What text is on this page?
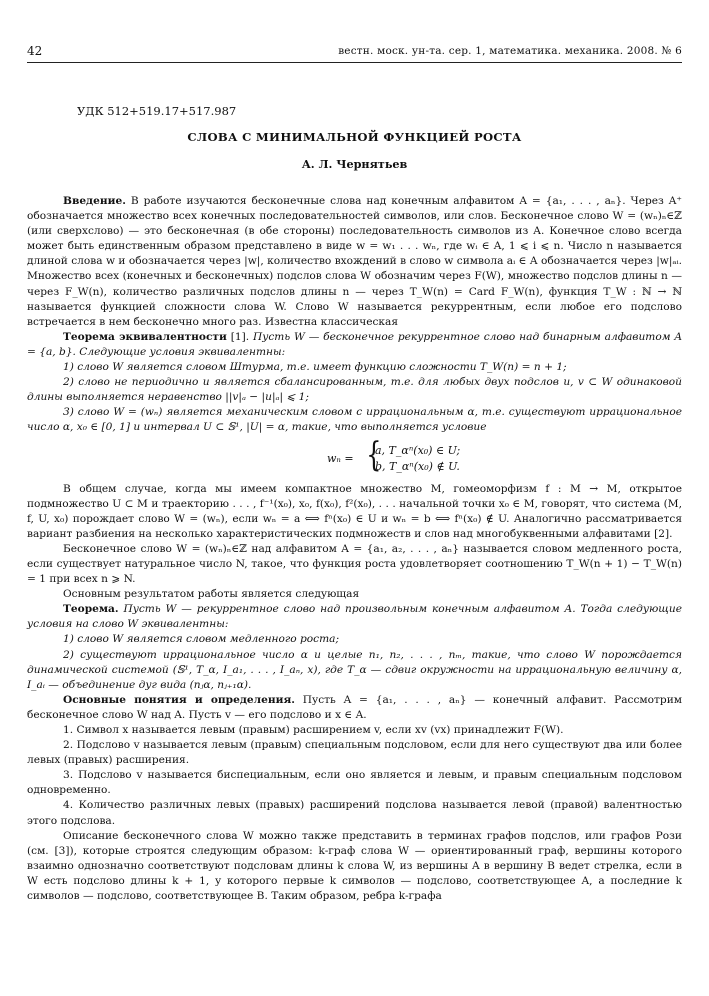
42	вестн. моск. ун-та. сер. 1, математика. механика. 2008. № 6
УДК 512+519.17+517.987
СЛОВА С МИНИМАЛЬНОЙ ФУНКЦИЕЙ РОСТА
А. Л. Чернятьев

Введение. В работе изучаются бесконечные слова над конечным алфавитом A = {a₁, . . . , aₙ}. Через A⁺ обозначается множество всех конечных последовательностей символов, или слов. Бесконечное слово W = (wₙ)ₙ∈ℤ (или сверхслово) — это бесконечная (в обе стороны) последовательность символов из A. Конечное слово всегда может быть единственным образом представлено в виде w = w₁ . . . wₙ, где wᵢ ∈ A, 1 ⩽ i ⩽ n. Число n называется длиной слова w и обозначается через |w|, количество вхождений в слово w символа aᵢ ∈ A обозначается через |w|ₐᵢ. Множество всех (конечных и бесконечных) подслов слова W обозначим через F(W), множество подслов длины n — через F_W(n), количество различных подслов длины n — через T_W(n) = Card F_W(n), функция T_W : ℕ → ℕ называется функцией сложности слова W. Слово W называется рекуррентным, если любое его подслово встречается в нем бесконечно много раз. Известна классическая

Теорема эквивалентности [1]. Пусть W — бесконечное рекуррентное слово над бинарным алфавитом A = {a, b}. Следующие условия эквивалентны:

1) слово W является словом Штурма, т.е. имеет функцию сложности T_W(n) = n + 1;

2) слово не периодично и является сбалансированным, т.е. для любых двух подслов u, v ⊂ W одинаковой длины выполняется неравенство ||v|ₐ − |u|ₐ| ⩽ 1;

3) слово W = (wₙ) является механическим словом с иррациональным α, т.е. существуют иррациональное число α, x₀ ∈ [0, 1] и интервал U ⊂ 𝕊¹, |U| = α, такие, что выполняется условие

wₙ = {
a, T_αⁿ(x₀) ∈ U;
b, T_αⁿ(x₀) ∉ U.

В общем случае, когда мы имеем компактное множество M, гомеоморфизм f : M → M, открытое подмножество U ⊂ M и траекторию . . . , f⁻¹(x₀), x₀, f(x₀), f²(x₀), . . . начальной точки x₀ ∈ M, говорят, что система (M, f, U, x₀) порождает слово W = (wₙ), если wₙ = a ⟺ fⁿ(x₀) ∈ U и wₙ = b ⟺ fⁿ(x₀) ∉ U. Аналогично рассматривается вариант разбиения на несколько характеристических подмножеств и слов над многобуквенными алфавитами [2].

Бесконечное слово W = (wₙ)ₙ∈ℤ над алфавитом A = {a₁, a₂, . . . , aₙ} называется словом медленного роста, если существует натуральное число N, такое, что функция роста удовлетворяет соотношению T_W(n + 1) − T_W(n) = 1 при всех n ⩾ N.

Основным результатом работы является следующая

Теорема. Пусть W — рекуррентное слово над произвольным конечным алфавитом A. Тогда следующие условия на слово W эквивалентны:

1) слово W является словом медленного роста;

2) существуют иррациональное число α и целые n₁, n₂, . . . , nₘ, такие, что слово W порождается динамической системой (𝕊¹, T_α, I_a₁, . . . , I_aₙ, x), где T_α — сдвиг окружности на иррациональную величину α, I_aᵢ — объединение дуг вида (nⱼα, nⱼ₊₁α).

Основные понятия и определения. Пусть A = {a₁, . . . , aₙ} — конечный алфавит. Рассмотрим бесконечное слово W над A. Пусть v — его подслово и x ∈ A.

1. Символ x называется левым (правым) расширением v, если xv (vx) принадлежит F(W).

2. Подслово v называется левым (правым) специальным подсловом, если для него существуют два или более левых (правых) расширения.

3. Подслово v называется биспециальным, если оно является и левым, и правым специальным подсловом одновременно.

4. Количество различных левых (правых) расширений подслова называется левой (правой) валентностью этого подслова.

Описание бесконечного слова W можно также представить в терминах графов подслов, или графов Рози (см. [3]), которые строятся следующим образом: k-граф слова W — ориентированный граф, вершины которого взаимно однозначно соответствуют подсловам длины k слова W, из вершины A в вершину B ведет стрелка, если в W есть подслово длины k + 1, у которого первые k символов — подслово, соответствующее A, а последние k символов — подслово, соответствующее B. Таким образом, ребра k-графа
